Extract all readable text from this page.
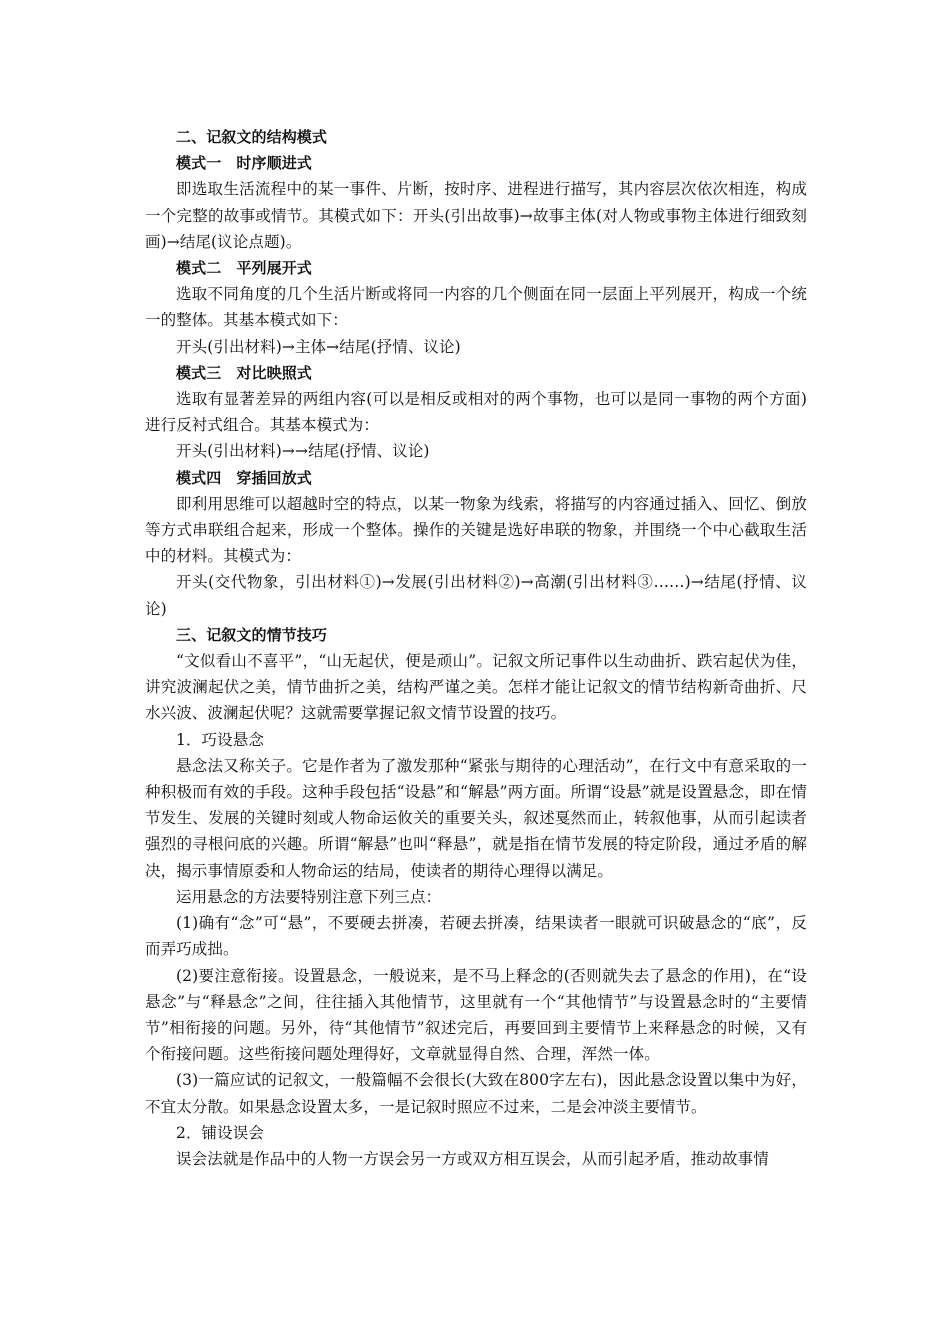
二、记叙文的结构模式

模式一　时序顺进式

即选取生活流程中的某一事件、片断，按时序、进程进行描写，其内容层次依次相连，构成一个完整的故事或情节。其模式如下：开头(引出故事)→故事主体(对人物或事物主体进行细致刻画)→结尾(议论点题)。

模式二　平列展开式

选取不同角度的几个生活片断或将同一内容的几个侧面在同一层面上平列展开，构成一个统一的整体。其基本模式如下：

开头(引出材料)→主体→结尾(抒情、议论)

模式三　对比映照式

选取有显著差异的两组内容(可以是相反或相对的两个事物，也可以是同一事物的两个方面)进行反衬式组合。其基本模式为：

开头(引出材料)→→结尾(抒情、议论)

模式四　穿插回放式

即利用思维可以超越时空的特点，以某一物象为线索，将描写的内容通过插入、回忆、倒放等方式串联组合起来，形成一个整体。操作的关键是选好串联的物象，并围绕一个中心截取生活中的材料。其模式为：

开头(交代物象，引出材料①)→发展(引出材料②)→高潮(引出材料③……)→结尾(抒情、议论)

三、记叙文的情节技巧

“文似看山不喜平”，“山无起伏，便是顽山”。记叙文所记事件以生动曲折、跌宕起伏为佳，讲究波澜起伏之美，情节曲折之美，结构严谨之美。怎样才能让记叙文的情节结构新奇曲折、尺水兴波、波澜起伏呢？这就需要掌握记叙文情节设置的技巧。

1．巧设悬念

悬念法又称关子。它是作者为了激发那种“紧张与期待的心理活动”，在行文中有意采取的一种积极而有效的手段。这种手段包括“设悬”和“解悬”两方面。所谓“设悬”就是设置悬念，即在情节发生、发展的关键时刻或人物命运攸关的重要关头，叙述戛然而止，转叙他事，从而引起读者强烈的寻根问底的兴趣。所谓“解悬”也叫“释悬”，就是指在情节发展的特定阶段，通过矛盾的解决，揭示事情原委和人物命运的结局，使读者的期待心理得以满足。

运用悬念的方法要特别注意下列三点：

(1)确有“念”可“悬”，不要硬去拼凑，若硬去拼凑，结果读者一眼就可识破悬念的“底”，反而弄巧成拙。

(2)要注意衔接。设置悬念，一般说来，是不马上释念的(否则就失去了悬念的作用)，在“设悬念”与“释悬念”之间，往往插入其他情节，这里就有一个“其他情节”与设置悬念时的“主要情节”相衔接的问题。另外，待“其他情节”叙述完后，再要回到主要情节上来释悬念的时候，又有个衔接问题。这些衔接问题处理得好，文章就显得自然、合理，浑然一体。

(3)一篇应试的记叙文，一般篇幅不会很长(大致在800字左右)，因此悬念设置以集中为好，不宜太分散。如果悬念设置太多，一是记叙时照应不过来，二是会冲淡主要情节。

2．铺设误会

误会法就是作品中的人物一方误会另一方或双方相互误会，从而引起矛盾，推动故事情
